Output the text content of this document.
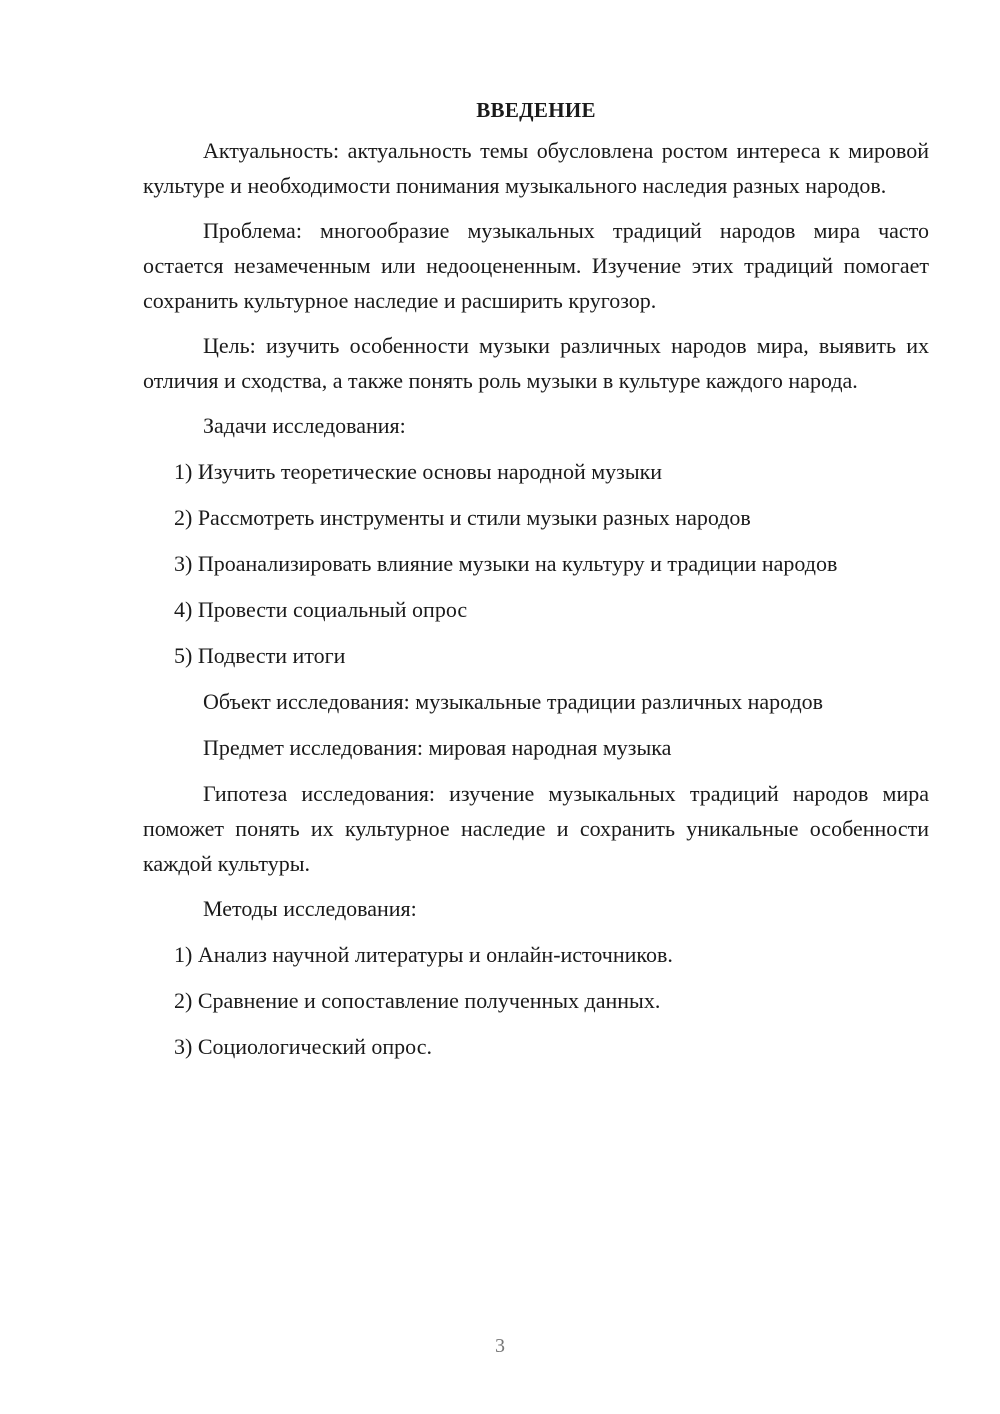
ВВЕДЕНИЕ

Актуальность: актуальность темы обусловлена ростом интереса к мировой культуре и необходимости понимания музыкального наследия разных народов.

Проблема: многообразие музыкальных традиций народов мира часто остается незамеченным или недооцененным. Изучение этих традиций помогает сохранить культурное наследие и расширить кругозор.

Цель: изучить особенности музыки различных народов мира, выявить их отличия и сходства, а также понять роль музыки в культуре каждого народа.

Задачи исследования:

1) Изучить теоретические основы народной музыки

2) Рассмотреть инструменты и стили музыки разных народов

3) Проанализировать влияние музыки на культуру и традиции народов

4) Провести социальный опрос

5) Подвести итоги

Объект исследования: музыкальные традиции различных народов

Предмет исследования: мировая народная музыка

Гипотеза исследования: изучение музыкальных традиций народов мира поможет понять их культурное наследие и сохранить уникальные особенности каждой культуры.

Методы исследования:

1) Анализ научной литературы и онлайн-источников.

2) Сравнение и сопоставление полученных данных.

3) Социологический опрос.

3
